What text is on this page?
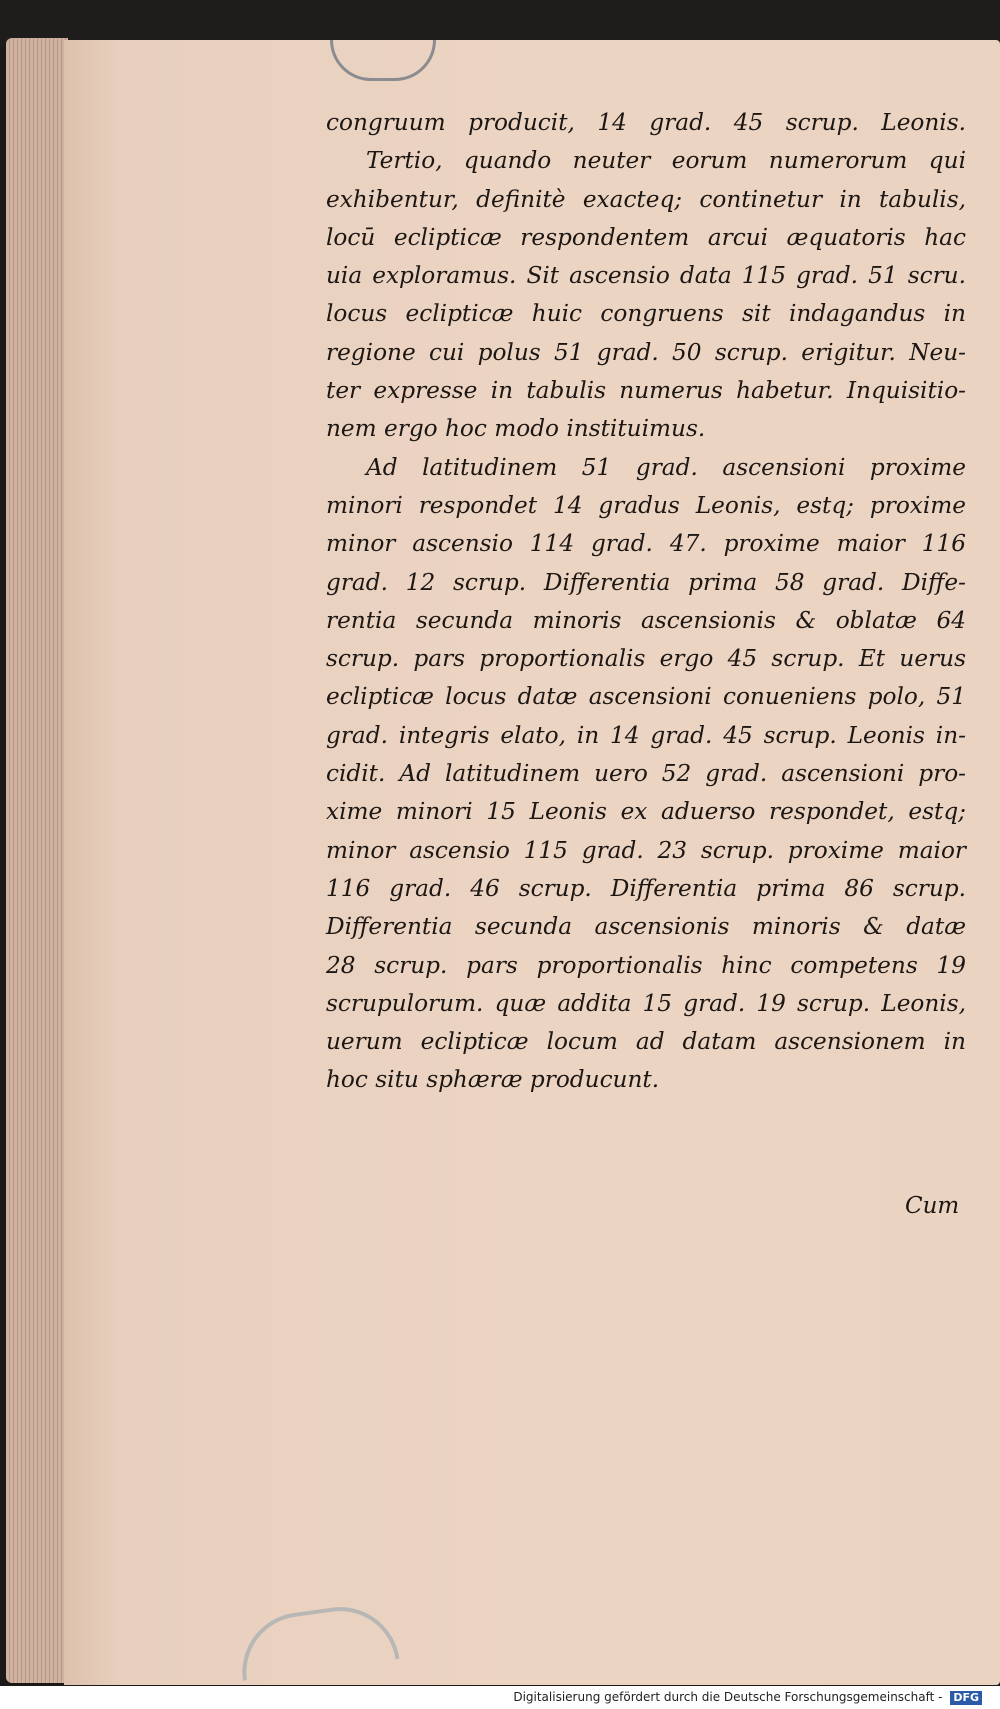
congruum producit, 14 grad. 45 scrup. Leonis.
Tertio, quando neuter eorum numerorum qui
exhibentur, definitè exacteq; continetur in tabulis,
locū eclipticæ respondentem arcui æquatoris hac
uia exploramus. Sit ascensio data 115 grad. 51 scru.
locus eclipticæ huic congruens sit indagandus in
regione cui polus 51 grad. 50 scrup. erigitur. Neu-
ter expresse in tabulis numerus habetur. Inquisitio-
nem ergo hoc modo instituimus.
Ad latitudinem 51 grad. ascensioni proxime
minori respondet 14 gradus Leonis, estq; proxime
minor ascensio 114 grad. 47. proxime maior 116
grad. 12 scrup. Differentia prima 58 grad. Diffe-
rentia secunda minoris ascensionis & oblatæ 64
scrup. pars proportionalis ergo 45 scrup. Et uerus
eclipticæ locus datæ ascensioni conueniens polo, 51
grad. integris elato, in 14 grad. 45 scrup. Leonis in-
cidit. Ad latitudinem uero 52 grad. ascensioni pro-
xime minori 15 Leonis ex aduerso respondet, estq;
minor ascensio 115 grad. 23 scrup. proxime maior
116 grad. 46 scrup. Differentia prima 86 scrup.
Differentia secunda ascensionis minoris & datæ
28 scrup. pars proportionalis hinc competens 19
scrupulorum. quæ addita 15 grad. 19 scrup. Leonis,
uerum eclipticæ locum ad datam ascensionem in
hoc situ sphæræ producunt.
Cum
Digitalisierung gefördert durch die Deutsche Forschungsgemeinschaft - DFG
